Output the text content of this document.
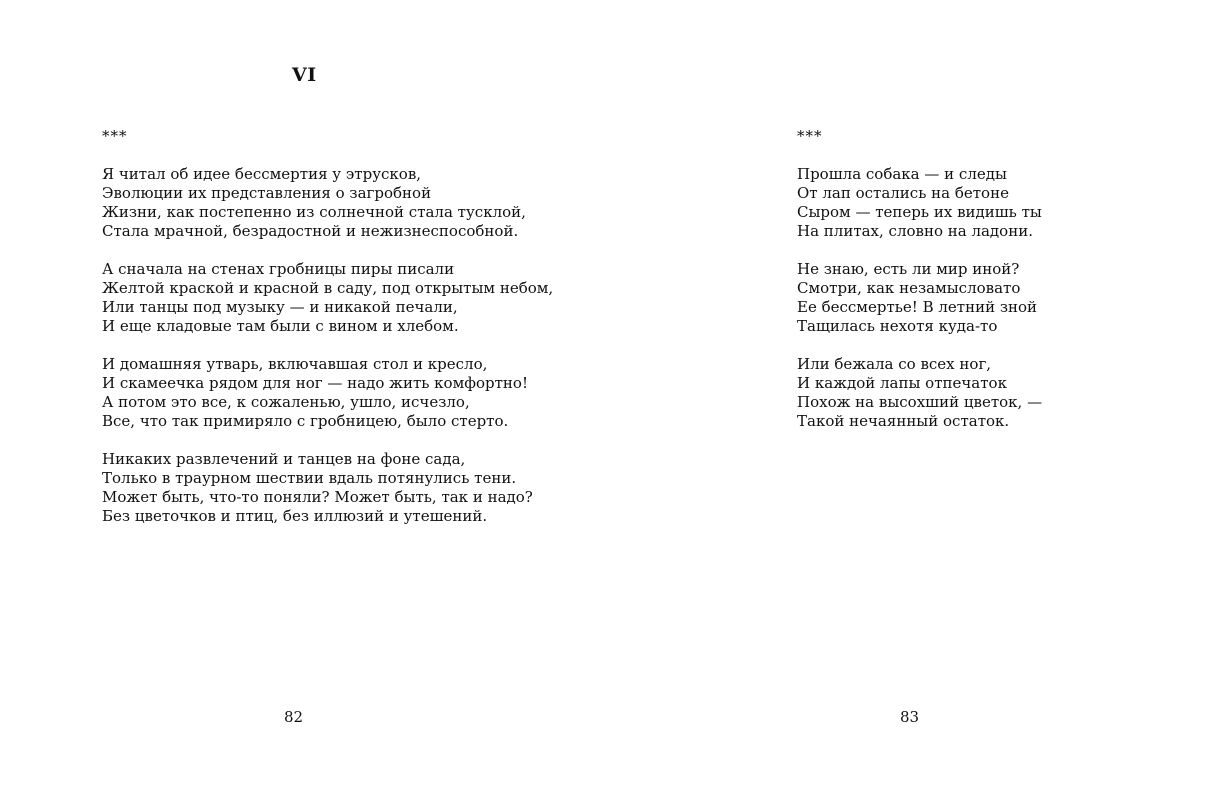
VI
***
Я читал об идее бессмертия у этрусков,
Эволюции их представления о загробной
Жизни, как постепенно из солнечной стала тусклой,
Стала мрачной, безрадостной и нежизнеспособной.
А сначала на стенах гробницы пиры писали
Желтой краской и красной в саду, под открытым небом,
Или танцы под музыку — и никакой печали,
И еще кладовые там были с вином и хлебом.
И домашняя утварь, включавшая стол и кресло,
И скамеечка рядом для ног — надо жить комфортно!
А потом это все, к сожаленью, ушло, исчезло,
Все, что так примиряло с гробницею, было стерто.
Никаких развлечений и танцев на фоне сада,
Только в траурном шествии вдаль потянулись тени.
Может быть, что-то поняли? Может быть, так и надо?
Без цветочков и птиц, без иллюзий и утешений.
82
***
Прошла собака — и следы
От лап остались на бетоне
Сыром — теперь их видишь ты
На плитах, словно на ладони.
Не знаю, есть ли мир иной?
Смотри, как незамысловато
Ее бессмертье! В летний зной
Тащилась нехотя куда-то
Или бежала со всех ног,
И каждой лапы отпечаток
Похож на высохший цветок, —
Такой нечаянный остаток.
83
